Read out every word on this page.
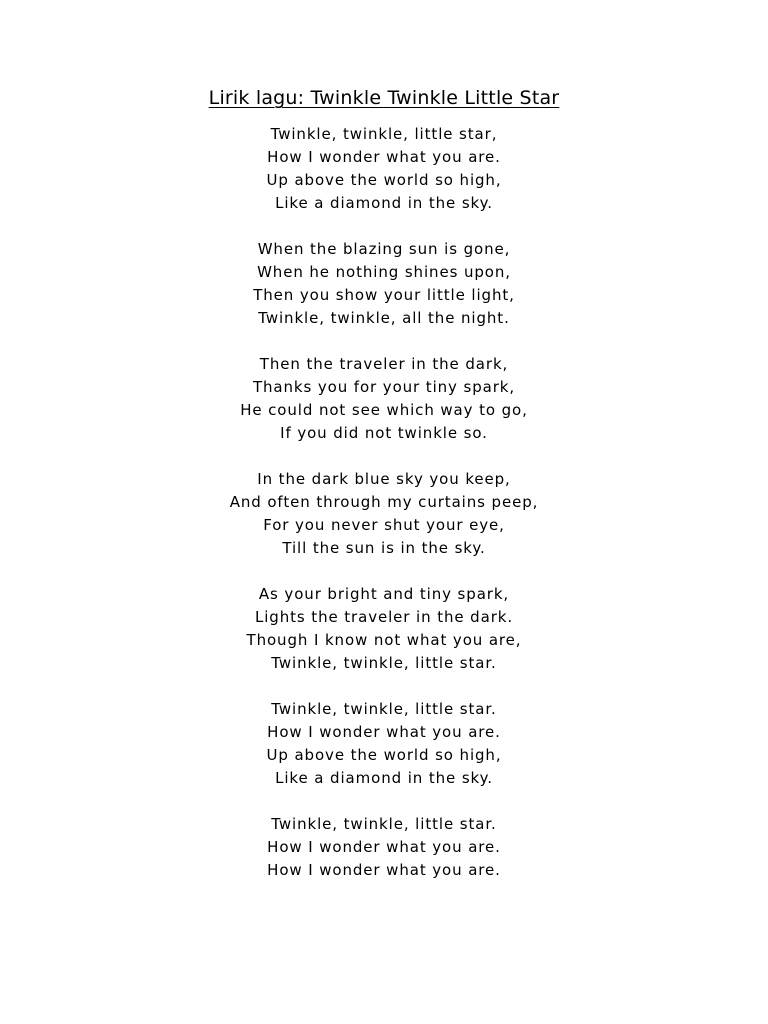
Lirik lagu: Twinkle Twinkle Little Star
Twinkle, twinkle, little star,
How I wonder what you are.
Up above the world so high,
Like a diamond in the sky.
When the blazing sun is gone,
When he nothing shines upon,
Then you show your little light,
Twinkle, twinkle, all the night.
Then the traveler in the dark,
Thanks you for your tiny spark,
He could not see which way to go,
If you did not twinkle so.
In the dark blue sky you keep,
And often through my curtains peep,
For you never shut your eye,
Till the sun is in the sky.
As your bright and tiny spark,
Lights the traveler in the dark.
Though I know not what you are,
Twinkle, twinkle, little star.
Twinkle, twinkle, little star.
How I wonder what you are.
Up above the world so high,
Like a diamond in the sky.
Twinkle, twinkle, little star.
How I wonder what you are.
How I wonder what you are.
